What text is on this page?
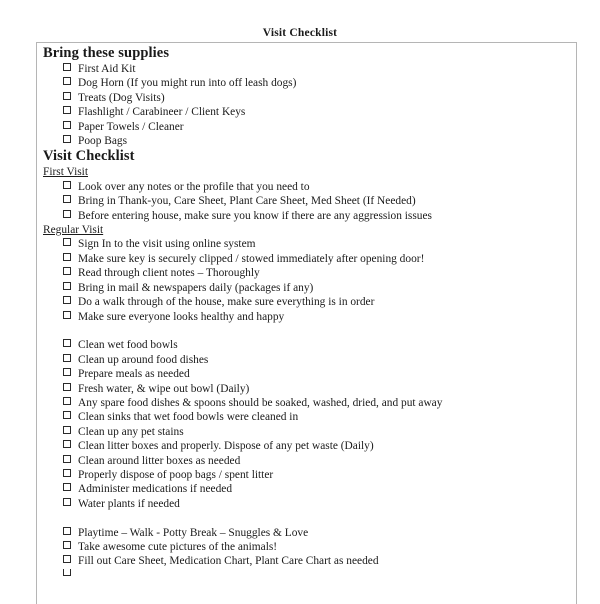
Visit Checklist
Bring these supplies
First Aid Kit
Dog Horn (If you might run into off leash dogs)
Treats (Dog Visits)
Flashlight / Carabineer / Client Keys
Paper Towels / Cleaner
Poop Bags
Visit Checklist
First Visit
Look over any notes or the profile that you need to
Bring in Thank-you, Care Sheet, Plant Care Sheet, Med Sheet (If Needed)
Before entering house, make sure you know if there are any aggression issues
Regular Visit
Sign In to the visit using online system
Make sure key is securely clipped / stowed immediately after opening door!
Read through client notes – Thoroughly
Bring in mail & newspapers daily (packages if any)
Do a walk through of the house, make sure everything is in order
Make sure everyone looks healthy and happy
Clean wet food bowls
Clean up around food dishes
Prepare meals as needed
Fresh water, & wipe out bowl (Daily)
Any spare food dishes & spoons should be soaked, washed, dried, and put away
Clean sinks that wet food bowls were cleaned in
Clean up any pet stains
Clean litter boxes and properly. Dispose of any pet waste (Daily)
Clean around litter boxes as needed
Properly dispose of poop bags / spent litter
Administer medications if needed
Water plants if needed
Playtime – Walk - Potty Break – Snuggles & Love
Take awesome cute pictures of the animals!
Fill out Care Sheet, Medication Chart, Plant Care Chart as needed
